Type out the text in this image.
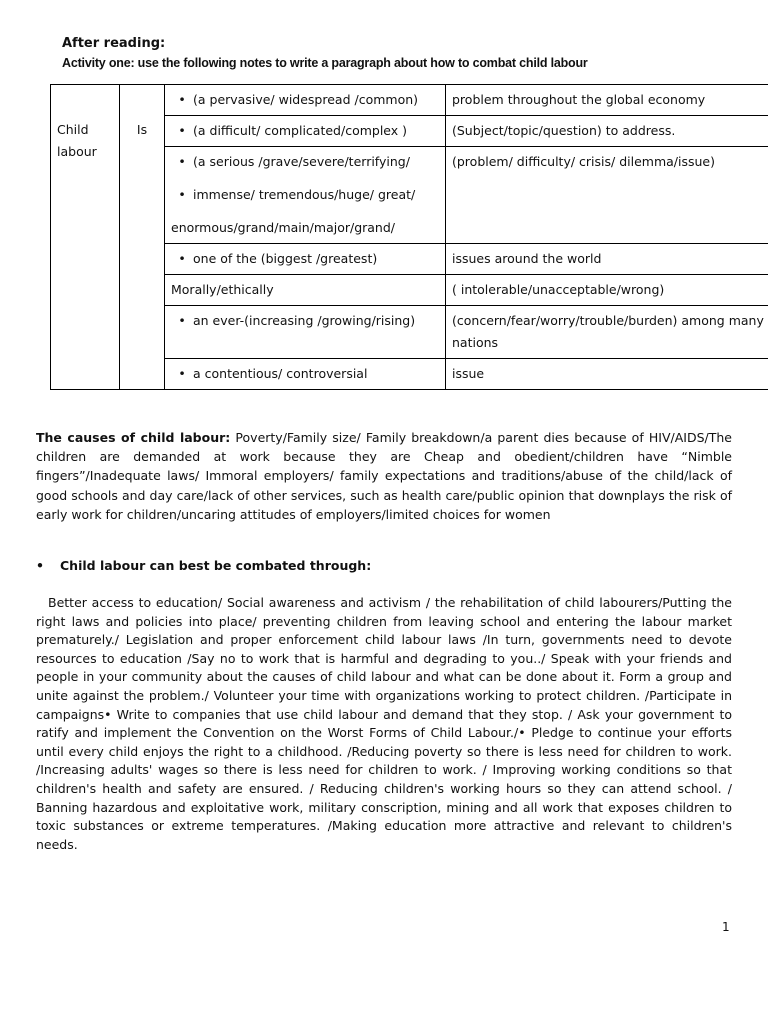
After reading:
Activity one: use the following notes to write a paragraph about how to combat child labour
Child labour	Is	• (a pervasive/ widespread /common)	problem throughout the global economy

		• (a difficult/ complicated/complex )	(Subject/topic/question) to address.

		• (a serious /grave/severe/terrifying/
• immense/ tremendous/huge/ great/
enormous/grand/main/major/grand/	(problem/ difficulty/ crisis/ dilemma/issue)

		• one of the (biggest /greatest)	issues around the world

		Morally/ethically	( intolerable/unacceptable/wrong)

		• an ever-(increasing /growing/rising)	(concern/fear/worry/trouble/burden) among many nations

		• a contentious/ controversial	issue
The causes of child labour: Poverty/Family size/ Family breakdown/a parent dies because of HIV/AIDS/The children are demanded at work because they are Cheap and obedient/children have “Nimble fingers”/Inadequate laws/ Immoral employers/ family expectations and traditions/abuse of the child/lack of good schools and day care/lack of other services, such as health care/public opinion that downplays the risk of early work for children/uncaring attitudes of employers/limited choices for women
•	Child labour can best be combated through:
Better access to education/ Social awareness and activism / the rehabilitation of child labourers/Putting the right laws and policies into place/ preventing children from leaving school and entering the labour market prematurely./ Legislation and proper enforcement child labour laws /In turn, governments need to devote resources to education /Say no to work that is harmful and degrading to you../ Speak with your friends and people in your community about the causes of child labour and what can be done about it. Form a group and unite against the problem./ Volunteer your time with organizations working to protect children. /Participate in campaigns• Write to companies that use child labour and demand that they stop. / Ask your government to ratify and implement the Convention on the Worst Forms of Child Labour./• Pledge to continue your efforts until every child enjoys the right to a childhood. /Reducing poverty so there is less need for children to work. /Increasing adults' wages so there is less need for children to work. / Improving working conditions so that children's health and safety are ensured. / Reducing children's working hours so they can attend school. / Banning hazardous and exploitative work, military conscription, mining and all work that exposes children to toxic substances or extreme temperatures. /Making education more attractive and relevant to children's needs.
1
